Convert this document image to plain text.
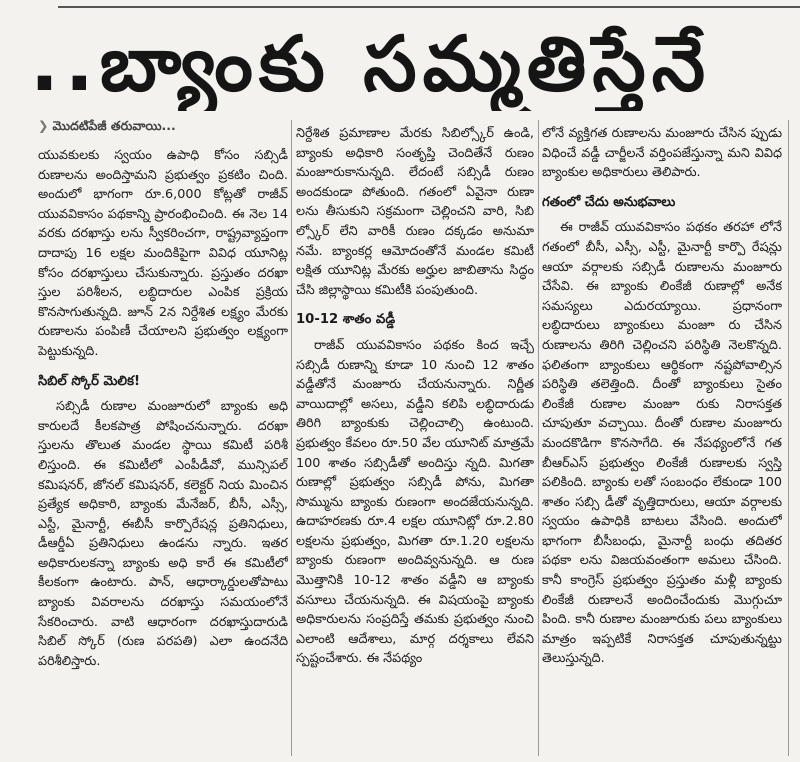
..బ్యాంకు సమ్మతిస్తేనే
❯ మొదటిపేజీ తరువాయి...

యువకులకు స్వయం ఉపాధి కోసం సబ్సిడీ రుణాలను అందిస్తామని ప్రభుత్వం ప్రకటిం చింది. అందులో భాగంగా రూ.6,000 కోట్లతో రాజీవ్ యువవికాసం పథకాన్ని ప్రారంభించింది. ఈ నెల 14 వరకు దరఖాస్తు లను స్వీకరించగా, రాష్ట్రవ్యాప్తంగా దాదాపు 16 లక్షల మందికిపైగా వివిధ యూనిట్ల కోసం దరఖాస్తులు చేసుకున్నారు. ప్రస్తుతం దరఖా స్తుల పరిశీలన, లబ్ధిదారుల ఎంపిక ప్రక్రియ కొనసాగుతున్నది. జూన్ 2న నిర్దేశిత లక్ష్యం మేరకు రుణాలను పంపిణీ చేయాలని ప్రభుత్వం లక్ష్యంగా పెట్టుకున్నది.

సిబిల్ స్కోర్ మెలిక!

సబ్సిడీ రుణాల మంజూరులో బ్యాంకు అధి కారులదే కీలకపాత్ర పోషించనున్నారు. దరఖా స్తులను తొలుత మండల స్థాయి కమిటీ పరిశీ లిస్తుంది. ఈ కమిటీలో ఎంపీడీవో, మున్సిపల్ కమిషనర్, జోనల్ కమిషనర్, కలెక్టర్ నియ మించిన ప్రత్యేక అధికారి, బ్యాంకు మేనేజర్, బీసీ, ఎస్సీ, ఎస్టీ, మైనార్టీ, ఈబీసీ కార్పొరేషన్ల ప్రతినిధులు, డీఆర్డీఏ ప్రతినిధులు ఉండను న్నారు. ఇతర అధికారులకన్నా బ్యాంకు అధి కారే ఈ కమిటీలో కీలకంగా ఉంటారు. పాన్, ఆధార్కార్డులతోపాటు బ్యాంకు వివరాలను దరఖాస్తు సమయంలోనే సేకరించారు. వాటి ఆధారంగా దరఖాస్తుదారుడి సిబిల్ స్కోర్ (రుణ పరపతి) ఎలా ఉందనేది పరిశీలిస్తారు.

నిర్దేశిత ప్రమాణాల మేరకు సిబిల్స్కోర్ ఉండి, బ్యాంకు అధికారి సంతృప్తి చెందితేనే రుణం మంజూరుకానున్నది. లేదంటే సబ్సిడీ రుణం అందకుండా పోతుంది. గతంలో ఏవైనా రుణా లను తీసుకుని సక్రమంగా చెల్లించని వారి, సిబి ల్స్కోర్ లేని వారికీ రుణం దక్కడం అనుమా నమే. బ్యాంకర్ల ఆమోదంతోనే మండల కమిటీ లక్షిత యూనిట్ల మేరకు అర్హుల జాబితాను సిద్ధం చేసి జిల్లాస్థాయి కమిటీకి పంపుతుంది.

10-12 శాతం వడ్డీ

రాజీవ్ యువవికాసం పథకం కింద ఇచ్చే సబ్సిడీ రుణాన్ని కూడా 10 నుంచి 12 శాతం వడ్డీతోనే మంజూరు చేయనున్నారు. నిర్ణీత వాయిదాల్లో అసలు, వడ్డీని కలిపి లబ్ధిదారుడు తిరిగి బ్యాంకుకు చెల్లించాల్సి ఉంటుంది. ప్రభుత్వం కేవలం రూ.50 వేల యూనిట్ మాత్రమే 100 శాతం సబ్సిడీతో అందిస్తు న్నది. మిగతా రుణాల్లో ప్రభుత్వం సబ్సిడీ పోను, మిగతా సొమ్మును బ్యాంకు రుణంగా అందజేయనున్నది. ఉదాహరణకు రూ.4 లక్షల యూనిట్లో రూ.2.80 లక్షలను ప్రభుత్వం, మిగతా రూ.1.20 లక్షలను బ్యాంకు రుణంగా అందివ్వనున్నది. ఆ రుణ మొత్తానికి 10-12 శాతం వడ్డీని ఆ బ్యాంకు వసూలు చేయనున్నది. ఈ విషయంపై బ్యాంకు అధికారులను సంప్రదిస్తే తమకు ప్రభుత్వం నుంచి ఎలాంటి ఆదేశాలు, మార్గ దర్శకాలు లేవని స్పష్టంచేశారు. ఈ నేపథ్యం

లోనే వ్యక్తిగత రుణాలను మంజూరు చేసిన ప్పుడు విధించే వడ్డీ చార్జీలనే వర్తింపజేస్తున్నా మని వివిధ బ్యాంకుల అధికారులు తెలిపారు.

గతంలో చేదు అనుభవాలు

ఈ రాజీవ్ యువవికాసం పథకం తరహా లోనే గతంలో బీసీ, ఎస్సీ, ఎస్టీ, మైనార్టీ కార్పొ రేషన్లు ఆయా వర్గాలకు సబ్సిడీ రుణాలను మంజూరు చేసేవి. ఈ బ్యాంకు లింకేజీ రుణాల్లో అనేక సమస్యలు ఎదురయ్యాయి. ప్రధానంగా లబ్ధిదారులు బ్యాంకులు మంజూ రు చేసిన రుణాలను తిరిగి చెల్లించని పరిస్థితి నెలకొన్నది. ఫలితంగా బ్యాంకులు ఆర్థికంగా నష్టపోవాల్సిన పరిస్థితి తలెత్తింది. దీంతో బ్యాంకులు సైతం లింకేజీ రుణాల మంజూ రుకు నిరాసక్తత చూపుతూ వచ్చాయి. దీంతో రుణాల మంజూరు మందకొడిగా కొనసాగేది. ఈ నేపథ్యంలోనే గత బీఆర్ఎస్ ప్రభుత్వం లింకేజీ రుణాలకు స్వస్తి పలికింది. బ్యాంకు లతో సంబంధం లేకుండా 100 శాతం సబ్సి డీతో వృత్తిదారులు, ఆయా వర్గాలకు స్వయం ఉపాధికి బాటలు వేసింది. అందులో భాగంగా బీసీబంధు, మైనార్టీ బంధు తదితర పథకా లను విజయవంతంగా అమలు చేసింది. కానీ కాంగ్రెస్ ప్రభుత్వం ప్రస్తుతం మళ్లీ బ్యాంకు లింకేజీ రుణాలనే అందించేందుకు మొగ్గుచూ పింది. కానీ రుణాల మంజూరుకు పలు బ్యాంకులు మాత్రం ఇప్పటికే నిరాసక్తత చూపుతున్నట్టు తెలుస్తున్నది.
